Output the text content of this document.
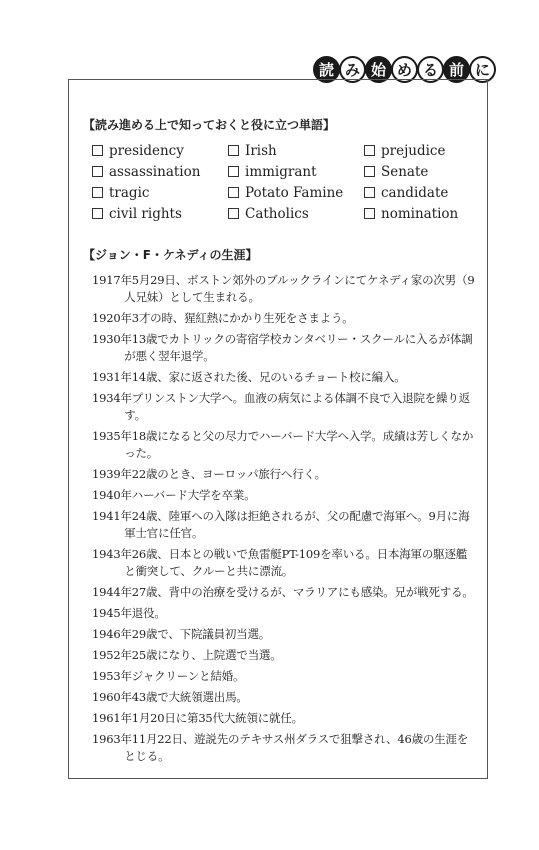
読 み 始 め る 前 に
【読み進める上で知っておくと役に立つ単語】
presidency	Irish	prejudice
assassination	immigrant	Senate
tragic	Potato Famine	candidate
civil rights	Catholics	nomination
【ジョン・F・ケネディの生涯】
1917年5月29日、ボストン郊外のブルックラインにてケネディ家の次男（9人兄妹）として生まれる。
1920年3才の時、猩紅熱にかかり生死をさまよう。
1930年13歳でカトリックの寄宿学校カンタベリー・スクールに入るが体調が悪く翌年退学。
1931年14歳、家に返された後、兄のいるチョート校に編入。
1934年プリンストン大学へ。血液の病気による体調不良で入退院を繰り返す。
1935年18歳になると父の尽力でハーバード大学へ入学。成績は芳しくなかった。
1939年22歳のとき、ヨーロッパ旅行へ行く。
1940年ハーバード大学を卒業。
1941年24歳、陸軍への入隊は拒絶されるが、父の配慮で海軍へ。9月に海軍士官に任官。
1943年26歳、日本との戦いで魚雷艇PT-109を率いる。日本海軍の駆逐艦と衝突して、クルーと共に漂流。
1944年27歳、背中の治療を受けるが、マラリアにも感染。兄が戦死する。
1945年退役。
1946年29歳で、下院議員初当選。
1952年25歳になり、上院選で当選。
1953年ジャクリーンと結婚。
1960年43歳で大統領選出馬。
1961年1月20日に第35代大統領に就任。
1963年11月22日、遊説先のテキサス州ダラスで狙撃され、46歳の生涯をとじる。
